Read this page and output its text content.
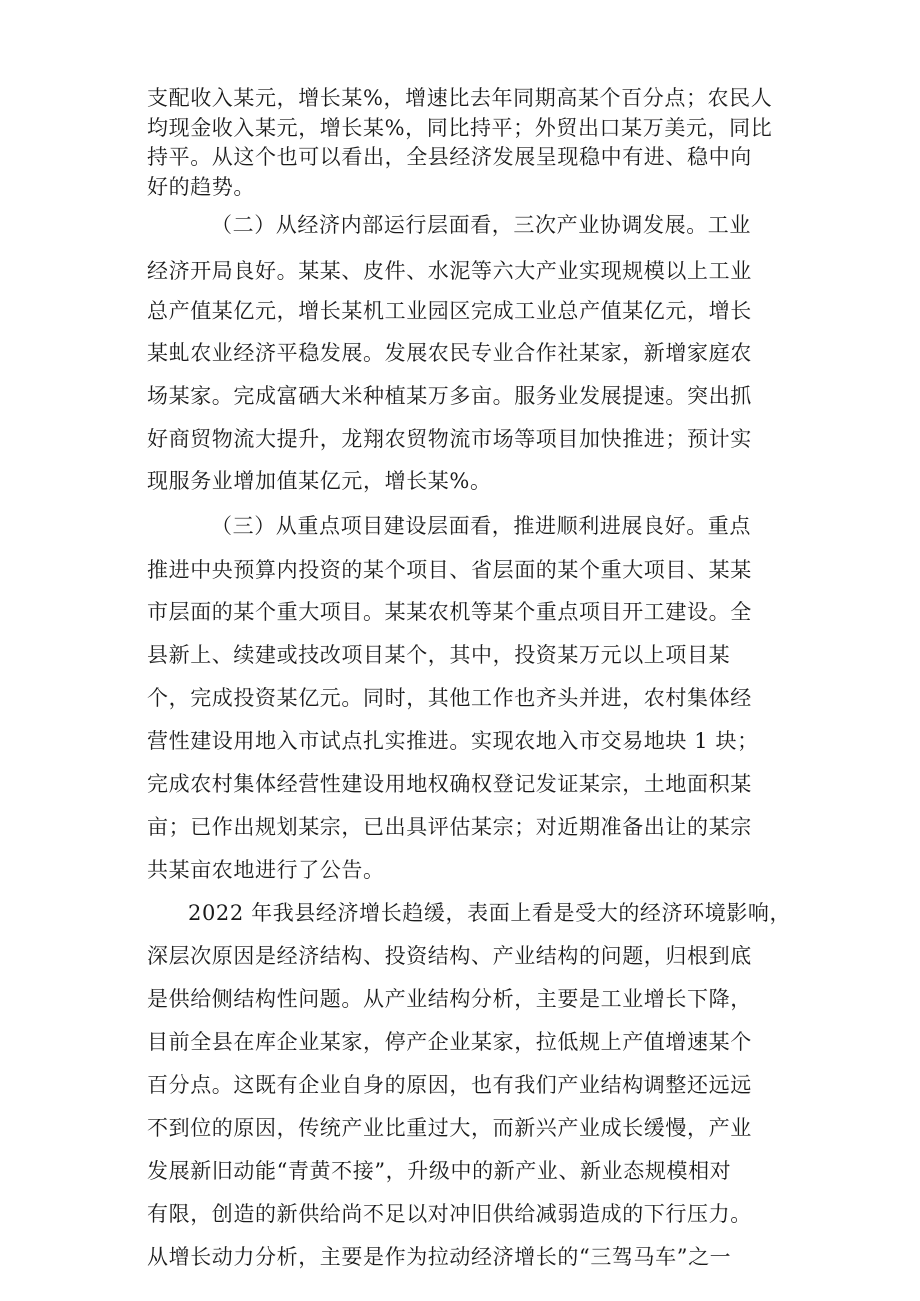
支配收入某元，增长某%，增速比去年同期高某个百分点；农民人
均现金收入某元，增长某%，同比持平；外贸出口某万美元，同比
持平。从这个也可以看出，全县经济发展呈现稳中有进、稳中向
好的趋势。
（二）从经济内部运行层面看，三次产业协调发展。工业
经济开局良好。某某、皮件、水泥等六大产业实现规模以上工业
总产值某亿元，增长某机工业园区完成工业总产值某亿元，增长
某虬农业经济平稳发展。发展农民专业合作社某家，新增家庭农
场某家。完成富硒大米种植某万多亩。服务业发展提速。突出抓
好商贸物流大提升，龙翔农贸物流市场等项目加快推进；预计实
现服务业增加值某亿元，增长某%。
（三）从重点项目建设层面看，推进顺利进展良好。重点
推进中央预算内投资的某个项目、省层面的某个重大项目、某某
市层面的某个重大项目。某某农机等某个重点项目开工建设。全
县新上、续建或技改项目某个，其中，投资某万元以上项目某
个，完成投资某亿元。同时，其他工作也齐头并进，农村集体经
营性建设用地入市试点扎实推进。实现农地入市交易地块 1 块；
完成农村集体经营性建设用地权确权登记发证某宗，土地面积某
亩；已作出规划某宗，已出具评估某宗；对近期准备出让的某宗
共某亩农地进行了公告。
2022 年我县经济增长趋缓，表面上看是受大的经济环境影响，
深层次原因是经济结构、投资结构、产业结构的问题，归根到底
是供给侧结构性问题。从产业结构分析，主要是工业增长下降，
目前全县在库企业某家，停产企业某家，拉低规上产值增速某个
百分点。这既有企业自身的原因，也有我们产业结构调整还远远
不到位的原因，传统产业比重过大，而新兴产业成长缓慢，产业
发展新旧动能“青黄不接”，升级中的新产业、新业态规模相对
有限，创造的新供给尚不足以对冲旧供给减弱造成的下行压力。
从增长动力分析，主要是作为拉动经济增长的“三驾马车”之一
